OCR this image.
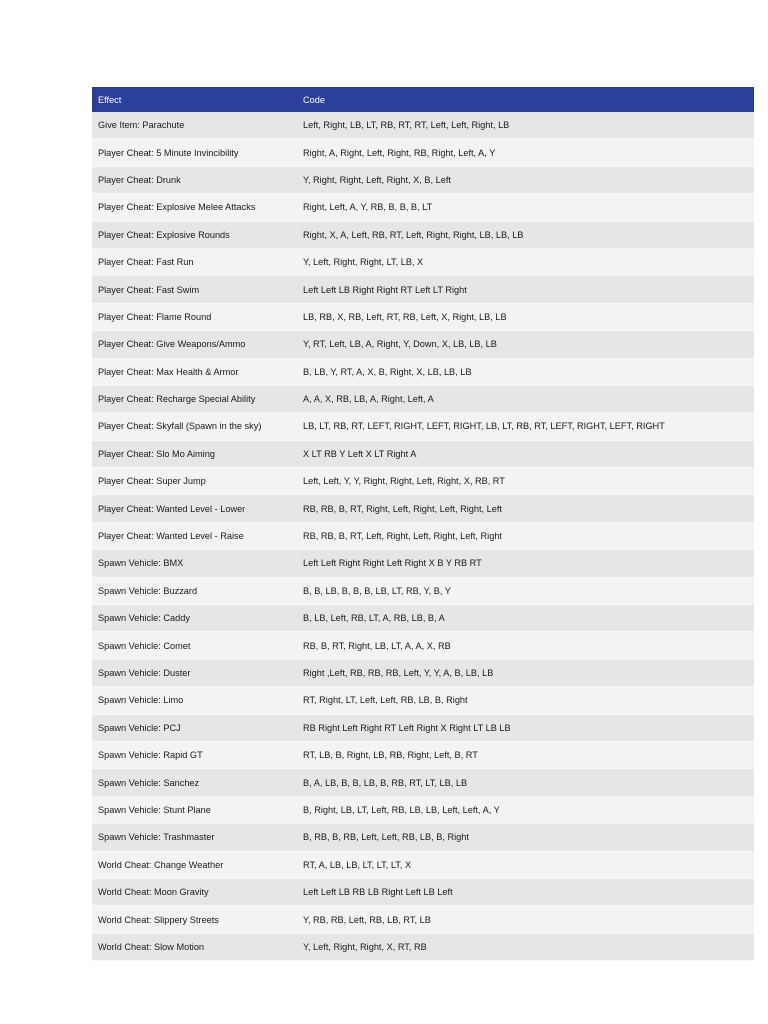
Effect	Code
Give Item: Parachute	Left, Right, LB, LT, RB, RT, RT, Left, Left, Right, LB
Player Cheat: 5 Minute Invincibility	Right, A, Right, Left, Right, RB, Right, Left, A, Y
Player Cheat: Drunk	Y, Right, Right, Left, Right, X, B, Left
Player Cheat: Explosive Melee Attacks	Right, Left, A, Y, RB, B, B, B, LT
Player Cheat: Explosive Rounds	Right, X, A, Left, RB, RT, Left, Right, Right, LB, LB, LB
Player Cheat: Fast Run	Y, Left, Right, Right, LT, LB, X
Player Cheat: Fast Swim	Left Left LB Right Right RT Left LT Right
Player Cheat: Flame Round	LB, RB, X, RB, Left, RT, RB, Left, X, Right, LB, LB
Player Cheat: Give Weapons/Ammo	Y, RT, Left, LB, A, Right, Y, Down, X, LB, LB, LB
Player Cheat: Max Health & Armor	B, LB, Y, RT, A, X, B, Right, X, LB, LB, LB
Player Cheat: Recharge Special Ability	A, A, X, RB, LB, A, Right, Left, A
Player Cheat: Skyfall (Spawn in the sky)	LB, LT, RB, RT, LEFT, RIGHT, LEFT, RIGHT, LB, LT, RB, RT, LEFT, RIGHT, LEFT, RIGHT
Player Cheat: Slo Mo Aiming	X LT RB Y Left X LT Right A
Player Cheat: Super Jump	Left, Left, Y, Y, Right, Right, Left, Right, X, RB, RT
Player Cheat: Wanted Level - Lower	RB, RB, B, RT, Right, Left, Right, Left, Right, Left
Player Cheat: Wanted Level - Raise	RB, RB, B, RT, Left, Right, Left, Right, Left, Right
Spawn Vehicle: BMX	Left Left Right Right Left Right X B Y RB RT
Spawn Vehicle: Buzzard	B, B, LB, B, B, B, LB, LT, RB, Y, B, Y
Spawn Vehicle: Caddy	B, LB, Left, RB, LT, A, RB, LB, B, A
Spawn Vehicle: Comet	RB, B, RT, Right, LB, LT, A, A, X, RB
Spawn Vehicle: Duster	Right ,Left, RB, RB, RB, Left, Y, Y, A, B, LB, LB
Spawn Vehicle: Limo	RT, Right, LT, Left, Left, RB, LB, B, Right
Spawn Vehicle: PCJ	RB Right Left Right RT Left Right X Right LT LB LB
Spawn Vehicle: Rapid GT	RT, LB, B, Right, LB, RB, Right, Left, B, RT
Spawn Vehicle: Sanchez	B, A, LB, B, B, LB, B, RB, RT, LT, LB, LB
Spawn Vehicle: Stunt Plane	B, Right, LB, LT, Left, RB, LB, LB, Left, Left, A, Y
Spawn Vehicle: Trashmaster	B, RB, B, RB, Left, Left, RB, LB, B, Right
World Cheat: Change Weather	RT, A, LB, LB, LT, LT, LT, X
World Cheat: Moon Gravity	Left Left LB RB LB Right Left LB Left
World Cheat: Slippery Streets	Y, RB, RB, Left, RB, LB, RT, LB
World Cheat: Slow Motion	Y, Left, Right, Right, X, RT, RB
